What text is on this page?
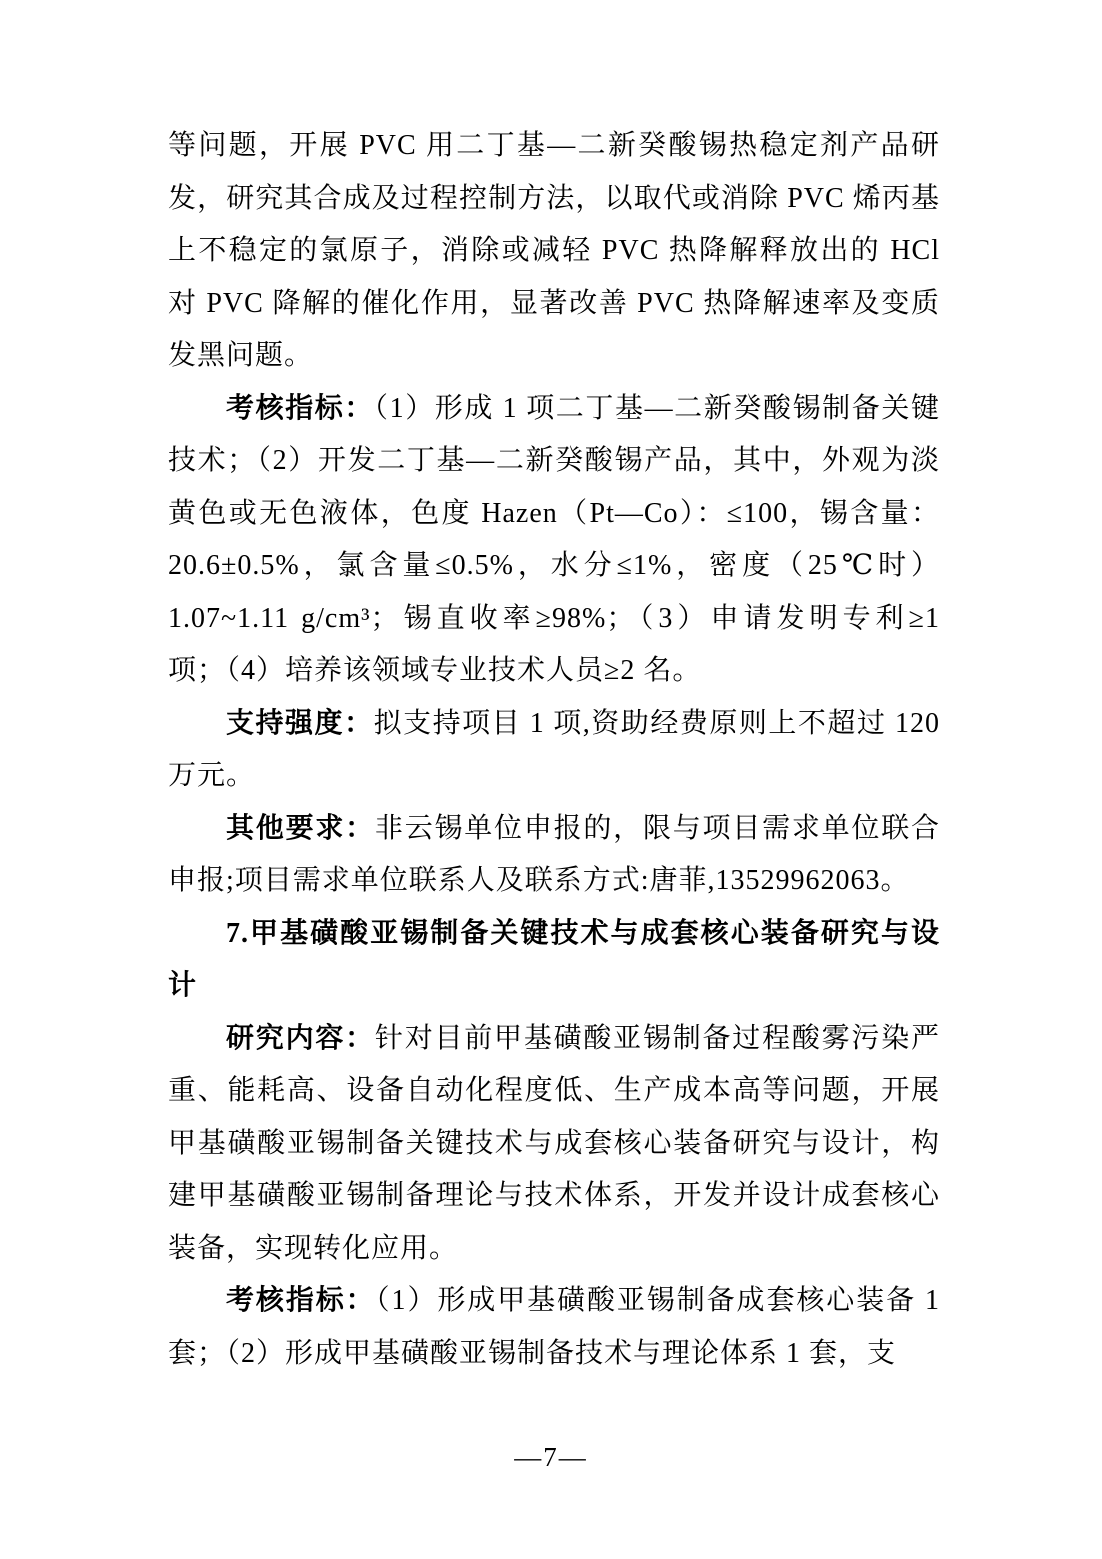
等问题，开展 PVC 用二丁基—二新癸酸锡热稳定剂产品研发，研究其合成及过程控制方法，以取代或消除 PVC 烯丙基上不稳定的氯原子，消除或减轻 PVC 热降解释放出的 HCl 对 PVC 降解的催化作用，显著改善 PVC 热降解速率及变质发黑问题。

考核指标：（1）形成 1 项二丁基—二新癸酸锡制备关键技术；（2）开发二丁基—二新癸酸锡产品，其中，外观为淡黄色或无色液体，色度 Hazen（Pt—Co）：≤100，锡含量：20.6±0.5%，氯含量≤0.5%，水分≤1%，密度（25℃时）1.07~1.11 g/cm³；锡直收率≥98%；（3）申请发明专利≥1 项；（4）培养该领域专业技术人员≥2 名。

支持强度：拟支持项目 1 项,资助经费原则上不超过 120 万元。

其他要求：非云锡单位申报的，限与项目需求单位联合申报;项目需求单位联系人及联系方式:唐菲,13529962063。

7.甲基磺酸亚锡制备关键技术与成套核心装备研究与设计

研究内容：针对目前甲基磺酸亚锡制备过程酸雾污染严重、能耗高、设备自动化程度低、生产成本高等问题，开展甲基磺酸亚锡制备关键技术与成套核心装备研究与设计，构建甲基磺酸亚锡制备理论与技术体系，开发并设计成套核心装备，实现转化应用。

考核指标：（1）形成甲基磺酸亚锡制备成套核心装备 1 套；（2）形成甲基磺酸亚锡制备技术与理论体系 1 套，支

—7—
